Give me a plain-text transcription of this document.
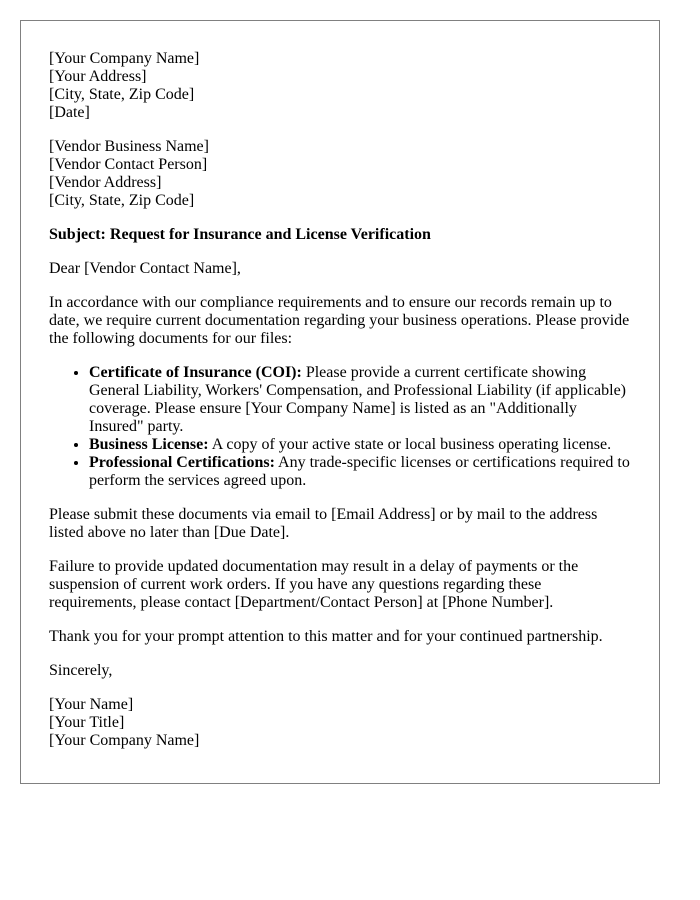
[Your Company Name]
[Your Address]
[City, State, Zip Code]
[Date]
[Vendor Business Name]
[Vendor Contact Person]
[Vendor Address]
[City, State, Zip Code]

Subject: Request for Insurance and License Verification

Dear [Vendor Contact Name],

In accordance with our compliance requirements and to ensure our records remain up to date, we require current documentation regarding your business operations. Please provide the following documents for our files:

• Certificate of Insurance (COI): Please provide a current certificate showing General Liability, Workers' Compensation, and Professional Liability (if applicable) coverage. Please ensure [Your Company Name] is listed as an "Additionally Insured" party.
• Business License: A copy of your active state or local business operating license.
• Professional Certifications: Any trade-specific licenses or certifications required to perform the services agreed upon.

Please submit these documents via email to [Email Address] or by mail to the address listed above no later than [Due Date].

Failure to provide updated documentation may result in a delay of payments or the suspension of current work orders. If you have any questions regarding these requirements, please contact [Department/Contact Person] at [Phone Number].

Thank you for your prompt attention to this matter and for your continued partnership.

Sincerely,

[Your Name]
[Your Title]
[Your Company Name]
